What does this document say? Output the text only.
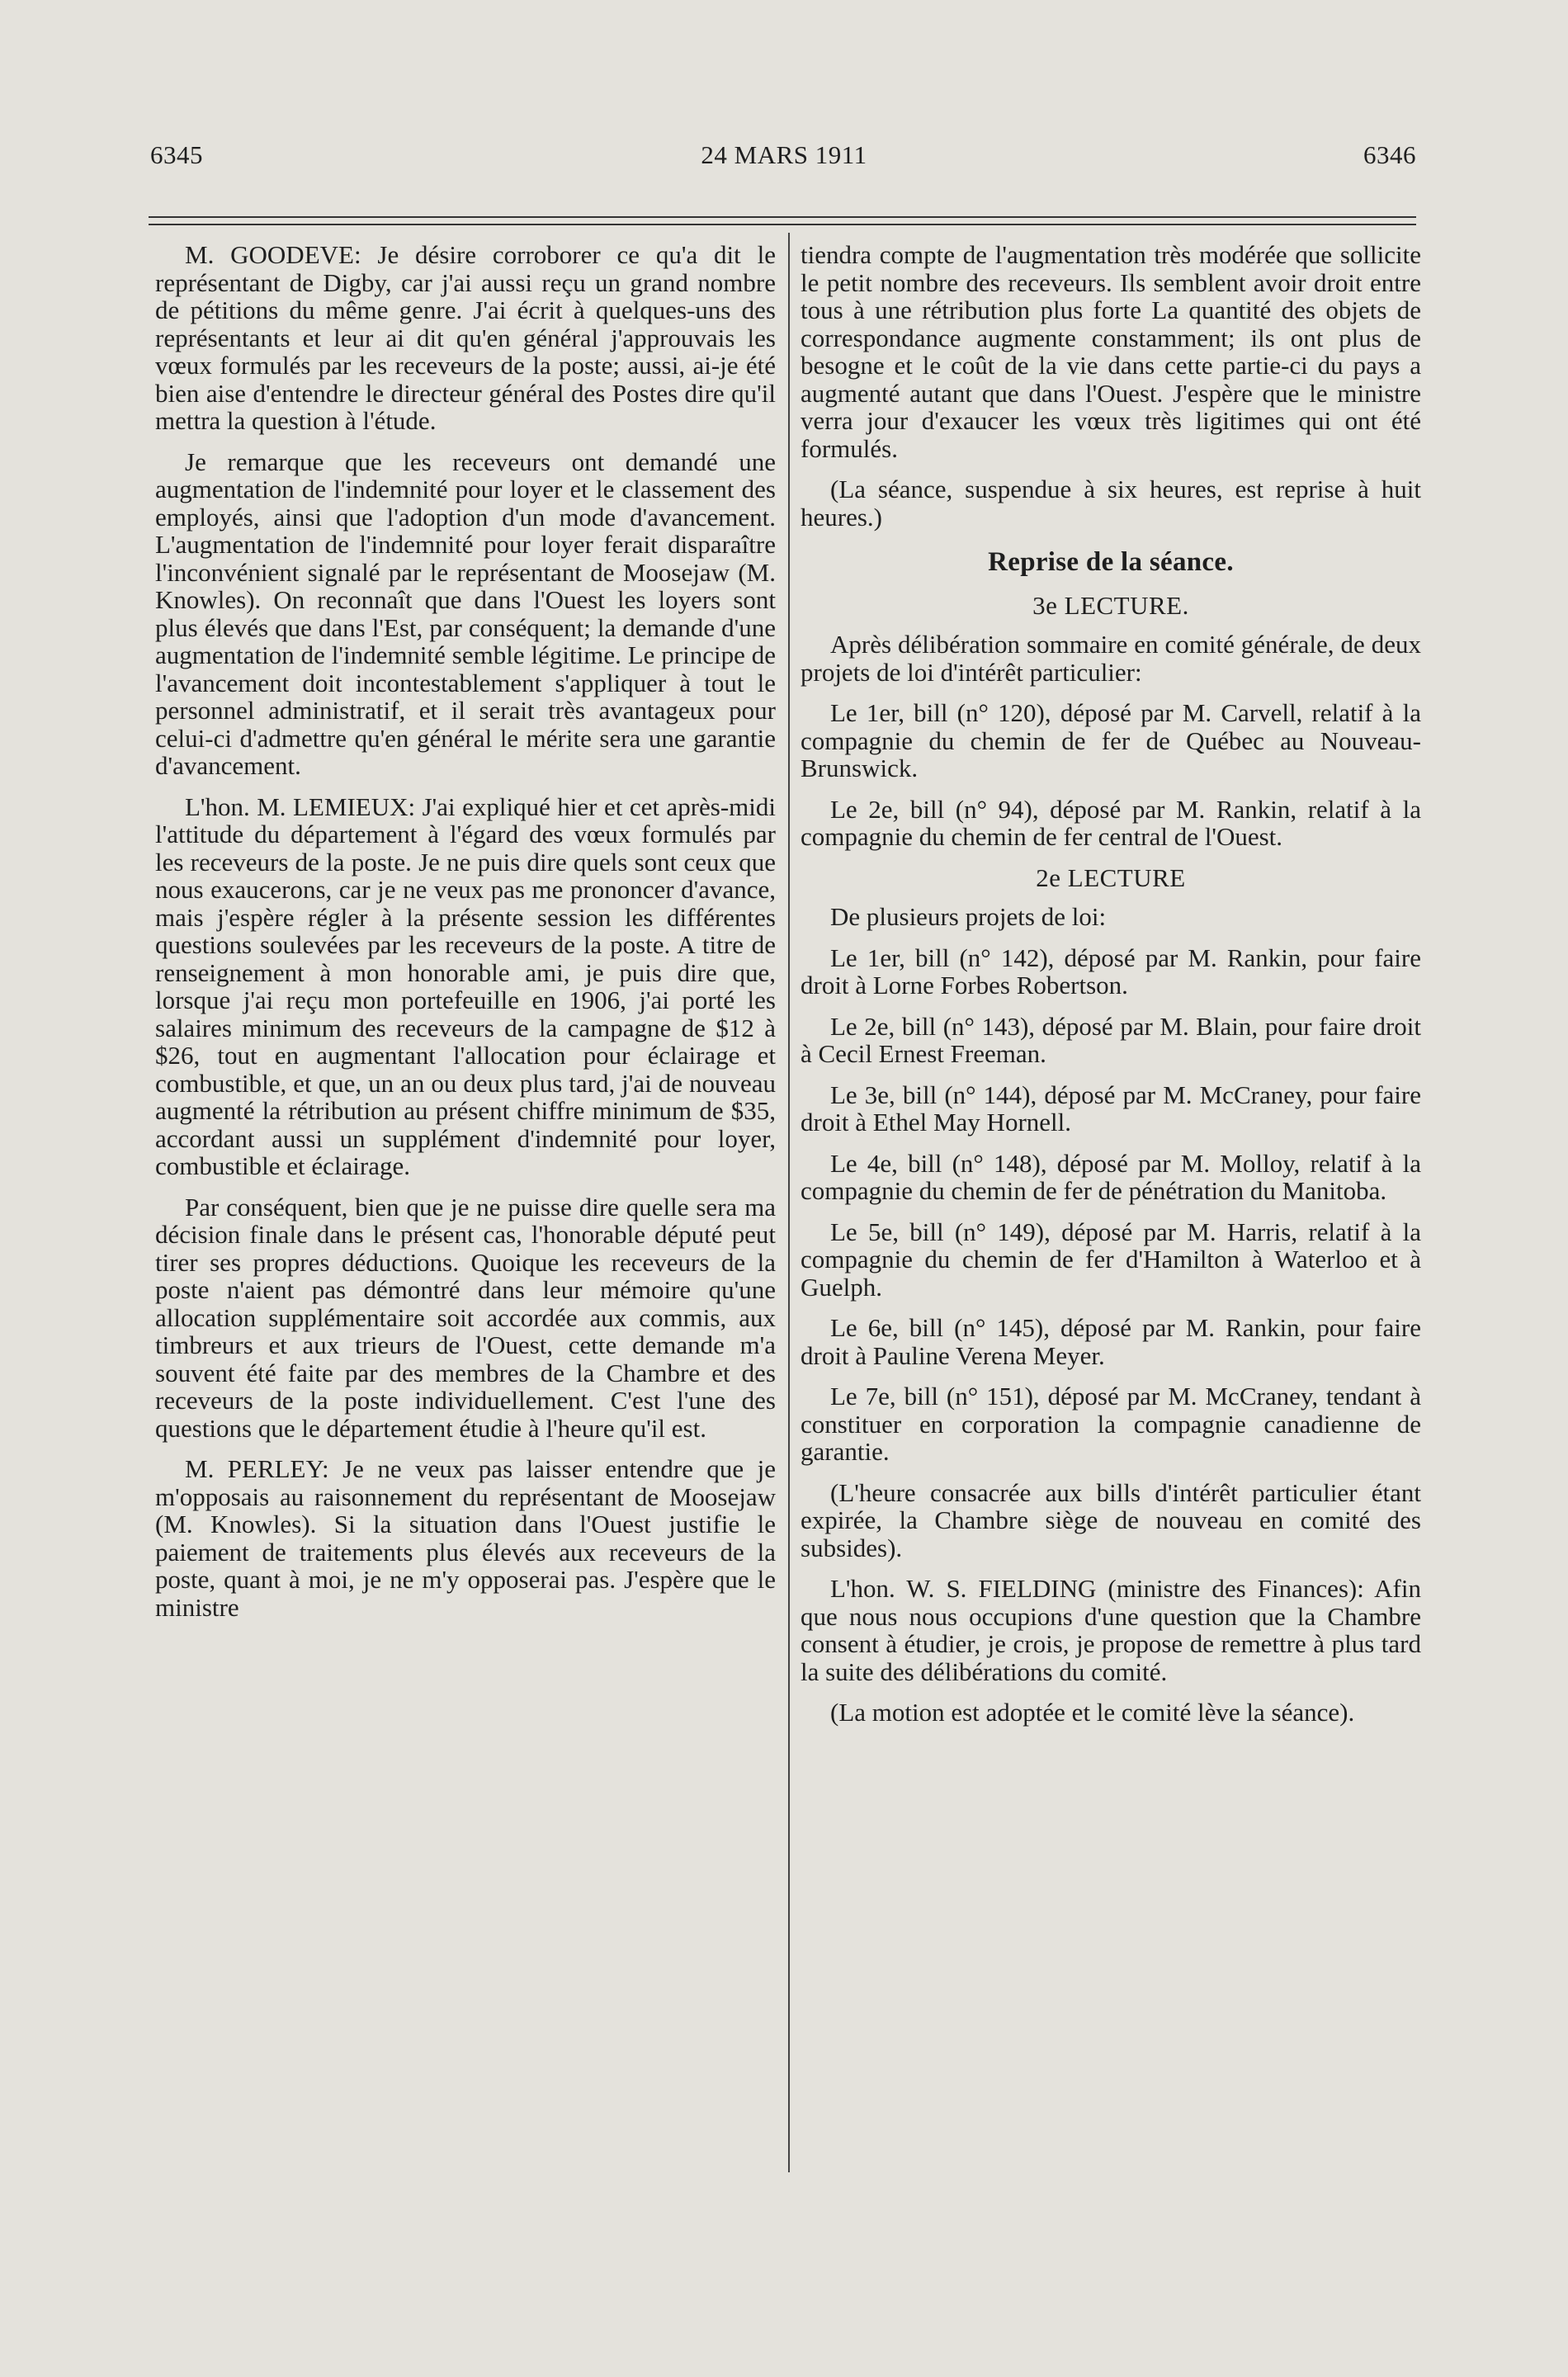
6345	24 MARS 1911	6346

M. GOODEVE: Je désire corroborer ce qu'a dit le représentant de Digby, car j'ai aussi reçu un grand nombre de pétitions du même genre. J'ai écrit à quelques-uns des représentants et leur ai dit qu'en général j'approuvais les vœux formulés par les receveurs de la poste; aussi, ai-je été bien aise d'entendre le directeur général des Postes dire qu'il mettra la question à l'étude.

Je remarque que les receveurs ont demandé une augmentation de l'indemnité pour loyer et le classement des employés, ainsi que l'adoption d'un mode d'avancement. L'augmentation de l'indemnité pour loyer ferait disparaître l'inconvénient signalé par le représentant de Moosejaw (M. Knowles). On reconnaît que dans l'Ouest les loyers sont plus élevés que dans l'Est, par conséquent; la demande d'une augmentation de l'indemnité semble légitime. Le principe de l'avancement doit incontestablement s'appliquer à tout le personnel administratif, et il serait très avantageux pour celui-ci d'admettre qu'en général le mérite sera une garantie d'avancement.

L'hon. M. LEMIEUX: J'ai expliqué hier et cet après-midi l'attitude du département à l'égard des vœux formulés par les receveurs de la poste. Je ne puis dire quels sont ceux que nous exaucerons, car je ne veux pas me prononcer d'avance, mais j'espère régler à la présente session les différentes questions soulevées par les receveurs de la poste. A titre de renseignement à mon honorable ami, je puis dire que, lorsque j'ai reçu mon portefeuille en 1906, j'ai porté les salaires minimum des receveurs de la campagne de $12 à $26, tout en augmentant l'allocation pour éclairage et combustible, et que, un an ou deux plus tard, j'ai de nouveau augmenté la rétribution au présent chiffre minimum de $35, accordant aussi un supplément d'indemnité pour loyer, combustible et éclairage.

Par conséquent, bien que je ne puisse dire quelle sera ma décision finale dans le présent cas, l'honorable député peut tirer ses propres déductions. Quoique les receveurs de la poste n'aient pas démontré dans leur mémoire qu'une allocation supplémentaire soit accordée aux commis, aux timbreurs et aux trieurs de l'Ouest, cette demande m'a souvent été faite par des membres de la Chambre et des receveurs de la poste individuellement. C'est l'une des questions que le département étudie à l'heure qu'il est.

M. PERLEY: Je ne veux pas laisser entendre que je m'opposais au raisonnement du représentant de Moosejaw (M. Knowles). Si la situation dans l'Ouest justifie le paiement de traitements plus élevés aux receveurs de la poste, quant à moi, je ne m'y opposerai pas. J'espère que le ministre

tiendra compte de l'augmentation très modérée que sollicite le petit nombre des receveurs. Ils semblent avoir droit entre tous à une rétribution plus forte La quantité des objets de correspondance augmente constamment; ils ont plus de besogne et le coût de la vie dans cette partie-ci du pays a augmenté autant que dans l'Ouest. J'espère que le ministre verra jour d'exaucer les vœux très ligitimes qui ont été formulés.

(La séance, suspendue à six heures, est reprise à huit heures.)

Reprise de la séance.
3e LECTURE.

Après délibération sommaire en comité générale, de deux projets de loi d'intérêt particulier:

Le 1er, bill (n° 120), déposé par M. Carvell, relatif à la compagnie du chemin de fer de Québec au Nouveau-Brunswick.

Le 2e, bill (n° 94), déposé par M. Rankin, relatif à la compagnie du chemin de fer central de l'Ouest.

2e LECTURE

De plusieurs projets de loi:

Le 1er, bill (n° 142), déposé par M. Rankin, pour faire droit à Lorne Forbes Robertson.

Le 2e, bill (n° 143), déposé par M. Blain, pour faire droit à Cecil Ernest Freeman.

Le 3e, bill (n° 144), déposé par M. McCraney, pour faire droit à Ethel May Hornell.

Le 4e, bill (n° 148), déposé par M. Molloy, relatif à la compagnie du chemin de fer de pénétration du Manitoba.

Le 5e, bill (n° 149), déposé par M. Harris, relatif à la compagnie du chemin de fer d'Hamilton à Waterloo et à Guelph.

Le 6e, bill (n° 145), déposé par M. Rankin, pour faire droit à Pauline Verena Meyer.

Le 7e, bill (n° 151), déposé par M. McCraney, tendant à constituer en corporation la compagnie canadienne de garantie.

(L'heure consacrée aux bills d'intérêt particulier étant expirée, la Chambre siège de nouveau en comité des subsides).

L'hon. W. S. FIELDING (ministre des Finances): Afin que nous nous occupions d'une question que la Chambre consent à étudier, je crois, je propose de remettre à plus tard la suite des délibérations du comité.

(La motion est adoptée et le comité lève la séance).
